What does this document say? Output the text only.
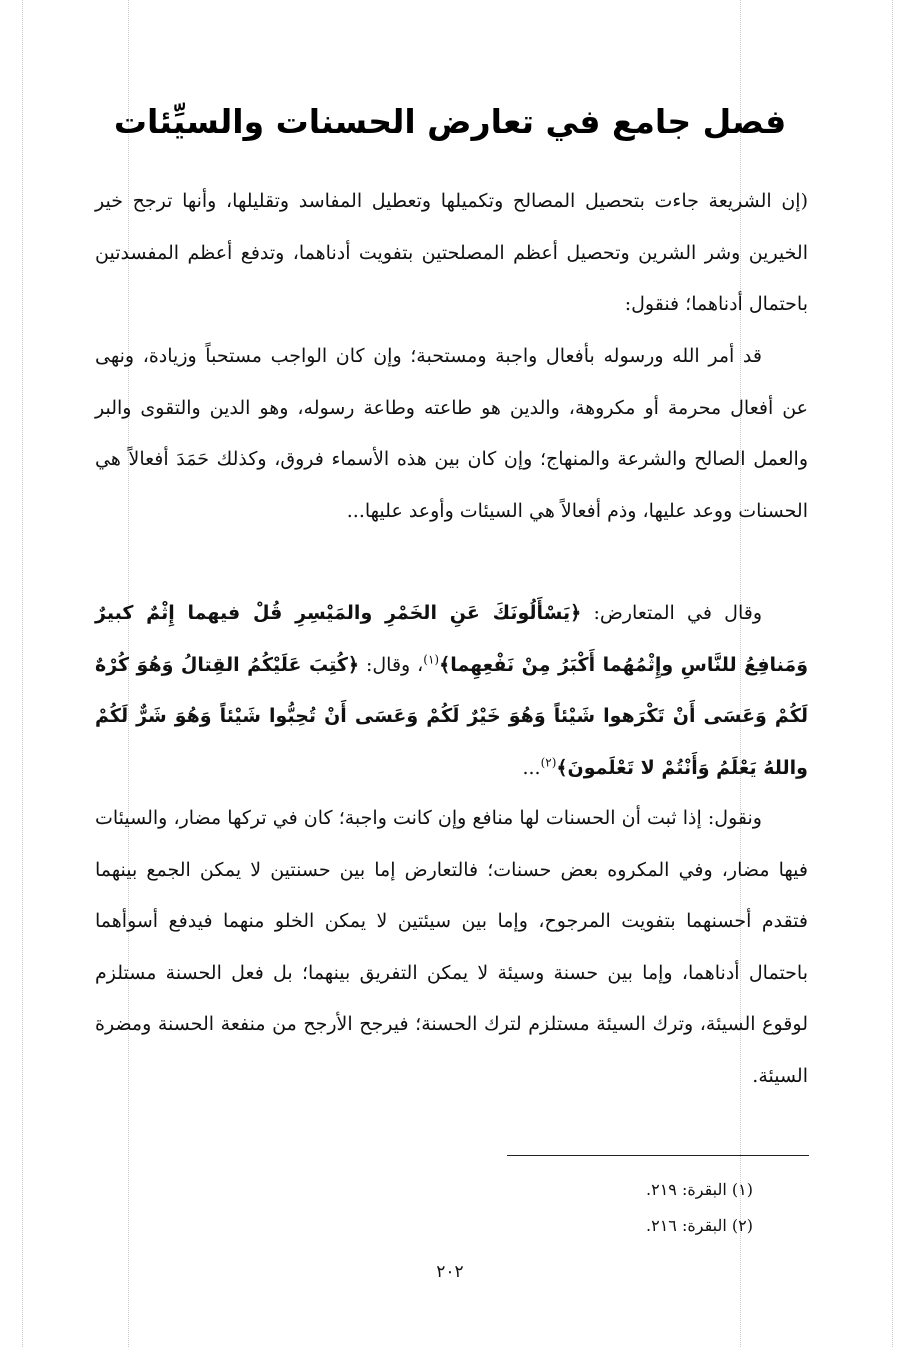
فصل جامع في تعارض الحسنات والسيِّئات

(إن الشريعة جاءت بتحصيل المصالح وتكميلها وتعطيل المفاسد وتقليلها، وأنها ترجح خير الخيرين وشر الشرين وتحصيل أعظم المصلحتين بتفويت أدناهما، وتدفع أعظم المفسدتين باحتمال أدناهما؛ فنقول:

قد أمر الله ورسوله بأفعال واجبة ومستحبة؛ وإن كان الواجب مستحباً وزيادة، ونهى عن أفعال محرمة أو مكروهة، والدين هو طاعته وطاعة رسوله، وهو الدين والتقوى والبر والعمل الصالح والشرعة والمنهاج؛ وإن كان بين هذه الأسماء فروق، وكذلك حَمَدَ أفعالاً هي الحسنات ووعد عليها، وذم أفعالاً هي السيئات وأوعد عليها...

وقال في المتعارض: ﴿يَسْأَلُونَكَ عَنِ الخَمْرِ والمَيْسِرِ قُلْ فيهما إِثْمٌ كبيرٌ وَمَنافِعُ للنَّاسِ وإِثْمُهُما أَكْبَرُ مِنْ نَفْعِهِما﴾$^{(١)}$، وقال: ﴿كُتِبَ عَلَيْكُمُ القِتالُ وَهُوَ كُرْهٌ لَكُمْ وَعَسَى أَنْ تَكْرَهوا شَيْئاً وَهُوَ خَيْرٌ لَكُمْ وَعَسَى أَنْ تُحِبُّوا شَيْئاً وَهُوَ شَرٌّ لَكُمْ واللهُ يَعْلَمُ وَأَنْتُمْ لا تَعْلَمونَ﴾$^{(٢)}$...

ونقول: إذا ثبت أن الحسنات لها منافع وإن كانت واجبة؛ كان في تركها مضار، والسيئات فيها مضار، وفي المكروه بعض حسنات؛ فالتعارض إما بين حسنتين لا يمكن الجمع بينهما فتقدم أحسنهما بتفويت المرجوح، وإما بين سيئتين لا يمكن الخلو منهما فيدفع أسوأهما باحتمال أدناهما، وإما بين حسنة وسيئة لا يمكن التفريق بينهما؛ بل فعل الحسنة مستلزم لوقوع السيئة، وترك السيئة مستلزم لترك الحسنة؛ فيرجح الأرجح من منفعة الحسنة ومضرة السيئة.

(١) البقرة: ٢١٩.
(٢) البقرة: ٢١٦.
٢٠٢
